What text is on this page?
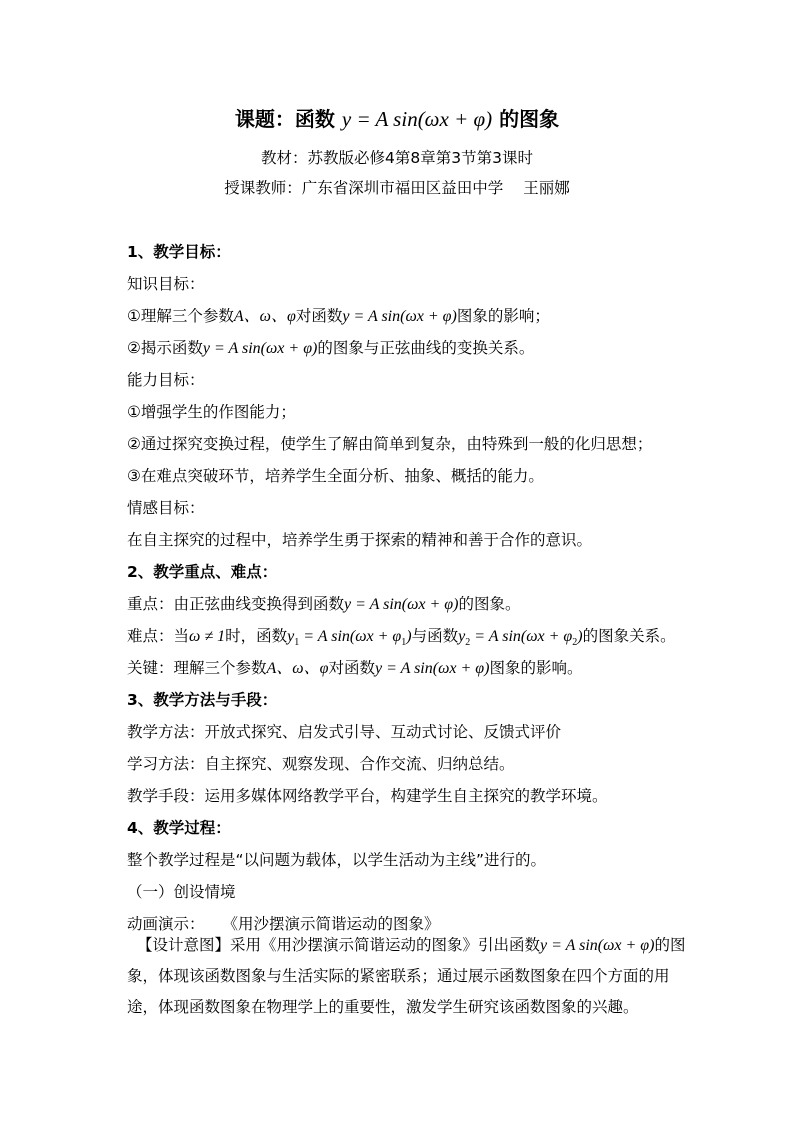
课题：函数 y = A sin(ωx + φ) 的图象
教材：苏教版必修4第8章第3节第3课时
授课教师：广东省深圳市福田区益田中学 王丽娜
1、教学目标：
知识目标：
①理解三个参数A、ω、φ对函数y = A sin(ωx + φ)图象的影响；
②揭示函数y = A sin(ωx + φ)的图象与正弦曲线的变换关系。
能力目标：
①增强学生的作图能力；
②通过探究变换过程，使学生了解由简单到复杂，由特殊到一般的化归思想；
③在难点突破环节，培养学生全面分析、抽象、概括的能力。
情感目标：
在自主探究的过程中，培养学生勇于探索的精神和善于合作的意识。
2、教学重点、难点：
重点：由正弦曲线变换得到函数y = A sin(ωx + φ)的图象。
难点：当ω ≠ 1时，函数$y_1 = A$ $\sin(\omega x + \varphi_1)$与函数$y_2 = A$ $\sin(\omega x + \varphi_2)$的图象关系。
关键：理解三个参数A、ω、φ对函数y = A sin(ωx + φ)图象的影响。
3、教学方法与手段：
教学方法：开放式探究、启发式引导、互动式讨论、反馈式评价
学习方法：自主探究、观察发现、合作交流、归纳总结。
教学手段：运用多媒体网络教学平台，构建学生自主探究的教学环境。
4、教学过程：
整个教学过程是“以问题为载体，以学生活动为主线”进行的。
（一）创设情境
动画演示： 《用沙摆演示简谐运动的图象》
【设计意图】采用《用沙摆演示简谐运动的图象》引出函数y = A sin(ωx + φ)的图象，体现该函数图象与生活实际的紧密联系；通过展示函数图象在四个方面的用途，体现函数图象在物理学上的重要性，激发学生研究该函数图象的兴趣。
